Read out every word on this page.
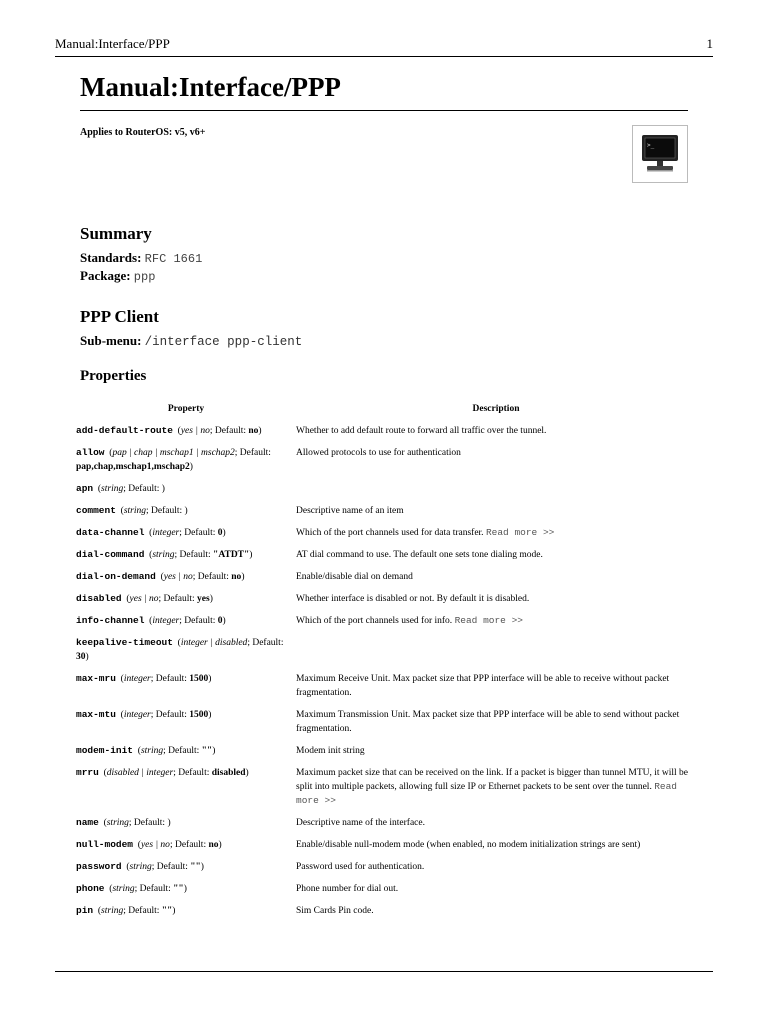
Manual:Interface/PPP	1
Manual:Interface/PPP
Applies to RouterOS: v5, v6+
>_
Summary
Standards: RFC 1661
Package: ppp
PPP Client
Sub-menu: /interface ppp-client
Properties
Property	Description
add-default-route (yes | no; Default: no)	Whether to add default route to forward all traffic over the tunnel.
allow (pap | chap | mschap1 | mschap2; Default: pap,chap,mschap1,mschap2)	Allowed protocols to use for authentication
apn (string; Default: )	
comment (string; Default: )	Descriptive name of an item
data-channel (integer; Default: 0)	Which of the port channels used for data transfer. Read more >>
dial-command (string; Default: "ATDT")	AT dial command to use. The default one sets tone dialing mode.
dial-on-demand (yes | no; Default: no)	Enable/disable dial on demand
disabled (yes | no; Default: yes)	Whether interface is disabled or not. By default it is disabled.
info-channel (integer; Default: 0)	Which of the port channels used for info. Read more >>
keepalive-timeout (integer | disabled; Default: 30)	
max-mru (integer; Default: 1500)	Maximum Receive Unit. Max packet size that PPP interface will be able to receive without packet fragmentation.
max-mtu (integer; Default: 1500)	Maximum Transmission Unit. Max packet size that PPP interface will be able to send without packet fragmentation.
modem-init (string; Default: "")	Modem init string
mrru (disabled | integer; Default: disabled)	Maximum packet size that can be received on the link. If a packet is bigger than tunnel MTU, it will be split into multiple packets, allowing full size IP or Ethernet packets to be sent over the tunnel. Read more >>
name (string; Default: )	Descriptive name of the interface.
null-modem (yes | no; Default: no)	Enable/disable null-modem mode (when enabled, no modem initialization strings are sent)
password (string; Default: "")	Password used for authentication.
phone (string; Default: "")	Phone number for dial out.
pin (string; Default: "")	Sim Cards Pin code.
